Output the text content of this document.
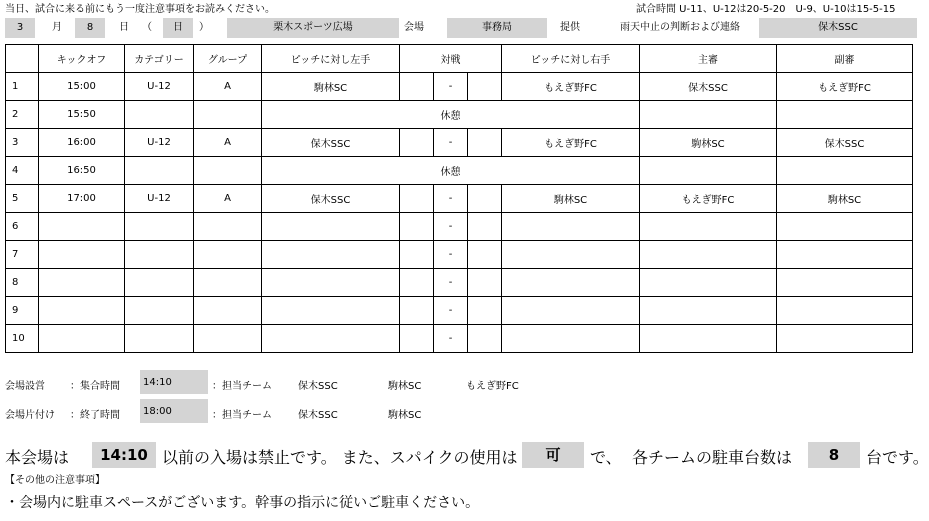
当日、試合に来る前にもう一度注意事項をお読みください。	試合時間 U-11、U-12は20-5-20　U-9、U-10は15-5-15
3	月	8	日	（	日	）	栗木スポーツ広場	会場	事務局	提供	雨天中止の判断および連絡	保木SSC
	キックオフ	カテゴリー	グループ	ピッチに対し左手	対戦			ピッチに対し右手	主審	副審
1	15:00	U-12	A	駒林SC		-		もえぎ野FC	保木SSC	もえぎ野FC
2	15:50			休憩						
3	16:00	U-12	A	保木SSC		-		もえぎ野FC	駒林SC	保木SSC
4	16:50			休憩						
5	17:00	U-12	A	保木SSC		-		駒林SC	もえぎ野FC	駒林SC
6						-				
7						-				
8						-				
9						-				
10						-				
会場設営	：集合時間 14:10	：担当チーム	保木SSC	駒林SC	もえぎ野FC
会場片付け ：終了時間 18:00	：担当チーム	保木SSC	駒林SC
本会場は	14:10 以前の入場は禁止です。 また、スパイクの使用は	可	で、 各チームの駐車台数は	8	台です。
【その他の注意事項】
・会場内に駐車スペースがございます。幹事の指示に従いご駐車ください。
